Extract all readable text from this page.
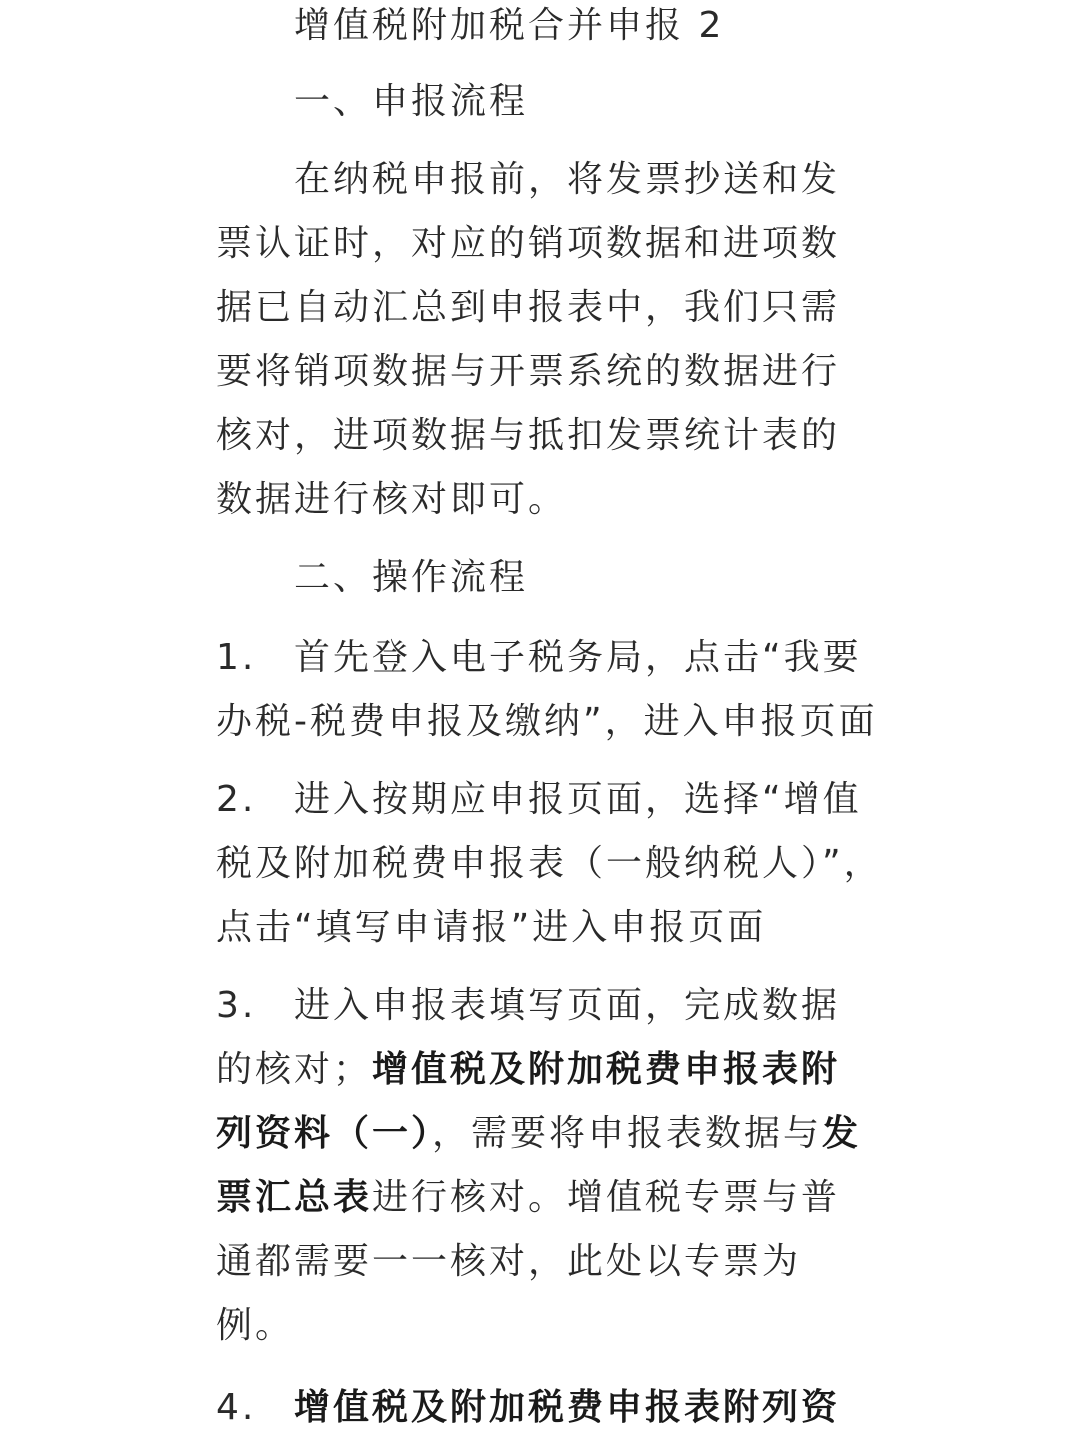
增值税附加税合并申报 2
一、申报流程
在纳税申报前，将发票抄送和发
票认证时，对应的销项数据和进项数
据已自动汇总到申报表中，我们只需
要将销项数据与开票系统的数据进行
核对，进项数据与抵扣发票统计表的
数据进行核对即可。
二、操作流程
1. 首先登入电子税务局，点击“我要
办税-税费申报及缴纳”，进入申报页面
2. 进入按期应申报页面，选择“增值
税及附加税费申报表（一般纳税人）”，
点击“填写申请报”进入申报页面
3. 进入申报表填写页面，完成数据
的核对；增值税及附加税费申报表附
列资料（一），需要将申报表数据与发
票汇总表进行核对。增值税专票与普
通都需要一一核对，此处以专票为
例。
4. 增值税及附加税费申报表附列资
